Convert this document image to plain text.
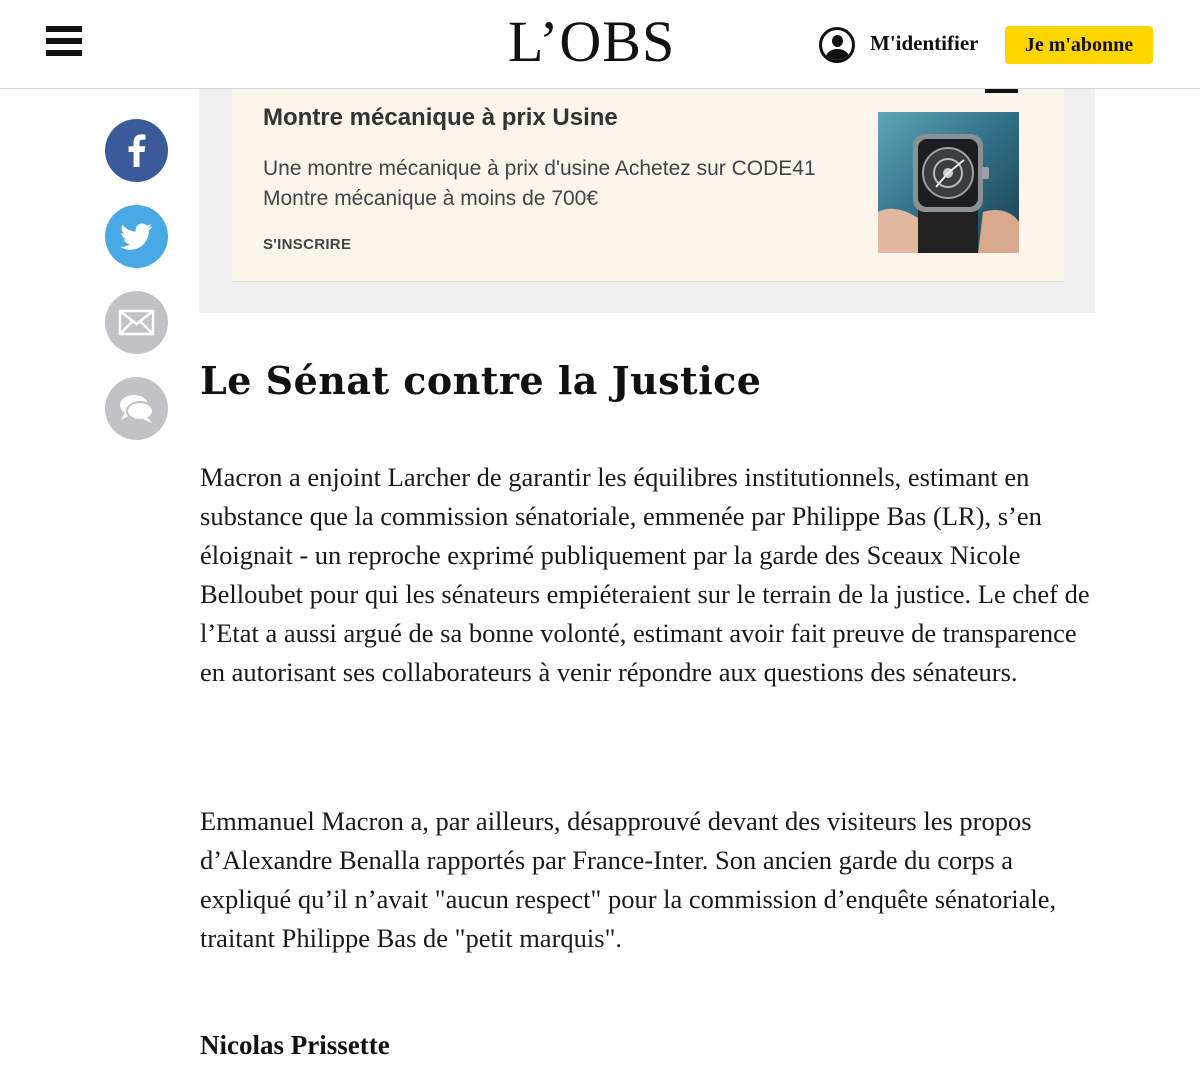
L’OBS	M'identifier	Je m'abonne
Montre mécanique à prix Usine
Une montre mécanique à prix d'usine Achetez sur CODE41 Montre mécanique à moins de 700€
S'INSCRIRE
Le Sénat contre la Justice

Macron a enjoint Larcher de garantir les équilibres institutionnels, estimant en substance que la commission sénatoriale, emmenée par Philippe Bas (LR), s’en éloignait - un reproche exprimé publiquement par la garde des Sceaux Nicole Belloubet pour qui les sénateurs empiéteraient sur le terrain de la justice. Le chef de l’Etat a aussi argué de sa bonne volonté, estimant avoir fait preuve de transparence en autorisant ses collaborateurs à venir répondre aux questions des sénateurs.

Emmanuel Macron a, par ailleurs, désapprouvé devant des visiteurs les propos d’Alexandre Benalla rapportés par France-Inter. Son ancien garde du corps a expliqué qu’il n’avait "aucun respect" pour la commission d’enquête sénatoriale, traitant Philippe Bas de "petit marquis".

Nicolas Prissette
